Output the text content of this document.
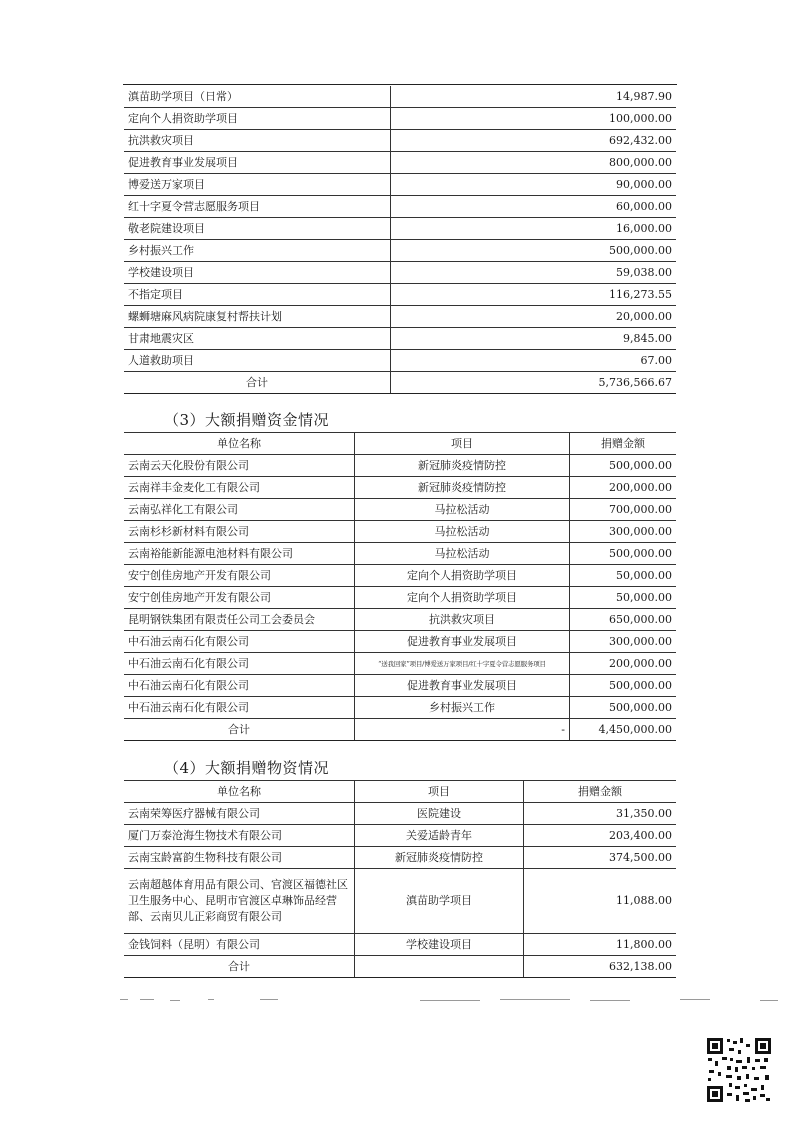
滇苗助学项目（日常）	14,987.90
定向个人捐资助学项目	100,000.00
抗洪救灾项目	692,432.00
促进教育事业发展项目	800,000.00
博爱送万家项目	90,000.00
红十字夏令营志愿服务项目	60,000.00
敬老院建设项目	16,000.00
乡村振兴工作	500,000.00
学校建设项目	59,038.00
不指定项目	116,273.55
螺蛳塘麻风病院康复村帮扶计划	20,000.00
甘肃地震灾区	9,845.00
人道救助项目	67.00
合计	5,736,566.67
（3）大额捐赠资金情况
单位名称	项目	捐赠金额
云南云天化股份有限公司	新冠肺炎疫情防控	500,000.00
云南祥丰金麦化工有限公司	新冠肺炎疫情防控	200,000.00
云南弘祥化工有限公司	马拉松活动	700,000.00
云南杉杉新材料有限公司	马拉松活动	300,000.00
云南裕能新能源电池材料有限公司	马拉松活动	500,000.00
安宁创佳房地产开发有限公司	定向个人捐资助学项目	50,000.00
安宁创佳房地产开发有限公司	定向个人捐资助学项目	50,000.00
昆明钢铁集团有限责任公司工会委员会	抗洪救灾项目	650,000.00
中石油云南石化有限公司	促进教育事业发展项目	300,000.00
中石油云南石化有限公司	“送我回家”项目/博爱送万家项目/红十字夏令营志愿服务项目	200,000.00
中石油云南石化有限公司	促进教育事业发展项目	500,000.00
中石油云南石化有限公司	乡村振兴工作	500,000.00
合计	-	4,450,000.00
（4）大额捐赠物资情况
单位名称	项目	捐赠金额
云南荣筹医疗器械有限公司	医院建设	31,350.00
厦门万泰沧海生物技术有限公司	关爱适龄青年	203,400.00
云南宝龄富韵生物科技有限公司	新冠肺炎疫情防控	374,500.00
云南超越体育用品有限公司、官渡区福德社区卫生服务中心、昆明市官渡区卓琳饰品经营部、云南贝儿正彩商贸有限公司	滇苗助学项目	11,088.00
金钱饲料（昆明）有限公司	学校建设项目	11,800.00
合计		632,138.00
